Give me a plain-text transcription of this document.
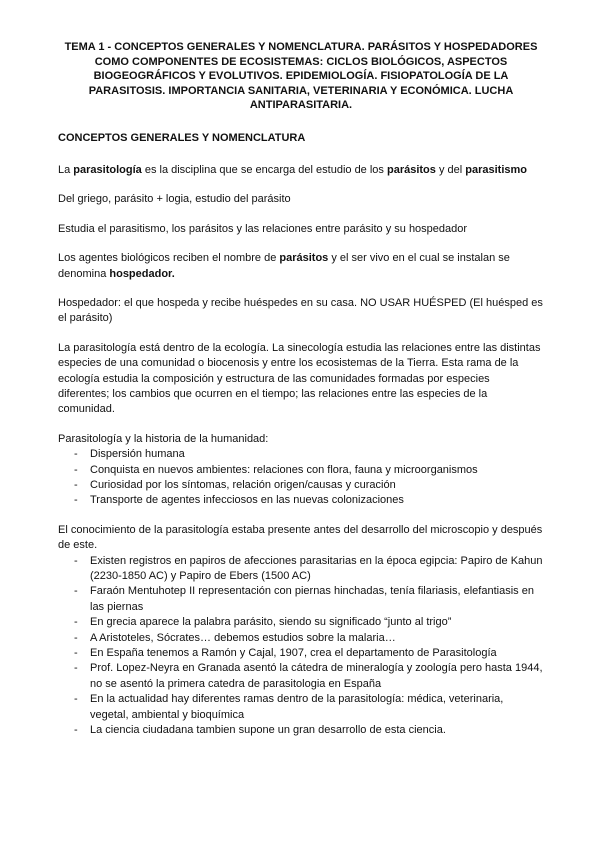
TEMA 1 - CONCEPTOS GENERALES Y NOMENCLATURA. PARÁSITOS Y HOSPEDADORES COMO COMPONENTES DE ECOSISTEMAS: CICLOS BIOLÓGICOS, ASPECTOS BIOGEOGRÁFICOS Y EVOLUTIVOS. EPIDEMIOLOGÍA. FISIOPATOLOGÍA DE LA PARASITOSIS. IMPORTANCIA SANITARIA, VETERINARIA Y ECONÓMICA. LUCHA ANTIPARASITARIA.

CONCEPTOS GENERALES Y NOMENCLATURA

La parasitología es la disciplina que se encarga del estudio de los parásitos y del parasitismo

Del griego, parásito + logia, estudio del parásito

Estudia el parasitismo, los parásitos y las relaciones entre parásito y su hospedador

Los agentes biológicos reciben el nombre de parásitos y el ser vivo en el cual se instalan se denomina hospedador.

Hospedador: el que hospeda y recibe huéspedes en su casa. NO USAR HUÉSPED (El huésped es el parásito)

La parasitología está dentro de la ecología. La sinecología estudia las relaciones entre las distintas especies de una comunidad o biocenosis y entre los ecosistemas de la Tierra. Esta rama de la ecología estudia la composición y estructura de las comunidades formadas por especies diferentes; los cambios que ocurren en el tiempo; las relaciones entre las especies de la comunidad.

Parasitología y la historia de la humanidad:

- Dispersión humana
- Conquista en nuevos ambientes: relaciones con flora, fauna y microorganismos
- Curiosidad por los síntomas, relación origen/causas y curación
- Transporte de agentes infecciosos en las nuevas colonizaciones

El conocimiento de la parasitología estaba presente antes del desarrollo del microscopio y después de este.

- Existen registros en papiros de afecciones parasitarias en la época egipcia: Papiro de Kahun (2230-1850 AC) y Papiro de Ebers (1500 AC)
- Faraón Mentuhotep II representación con piernas hinchadas, tenía filariasis, elefantiasis en las piernas
- En grecia aparece la palabra parásito, siendo su significado “junto al trigo”
- A Aristoteles, Sócrates… debemos estudios sobre la malaria…
- En España tenemos a Ramón y Cajal, 1907, crea el departamento de Parasitología
- Prof. Lopez-Neyra en Granada asentó la cátedra de mineralogía y zoología pero hasta 1944, no se asentó la primera catedra de parasitologia en España
- En la actualidad hay diferentes ramas dentro de la parasitología: médica, veterinaria, vegetal, ambiental y bioquímica
- La ciencia ciudadana tambien supone un gran desarrollo de esta ciencia.
